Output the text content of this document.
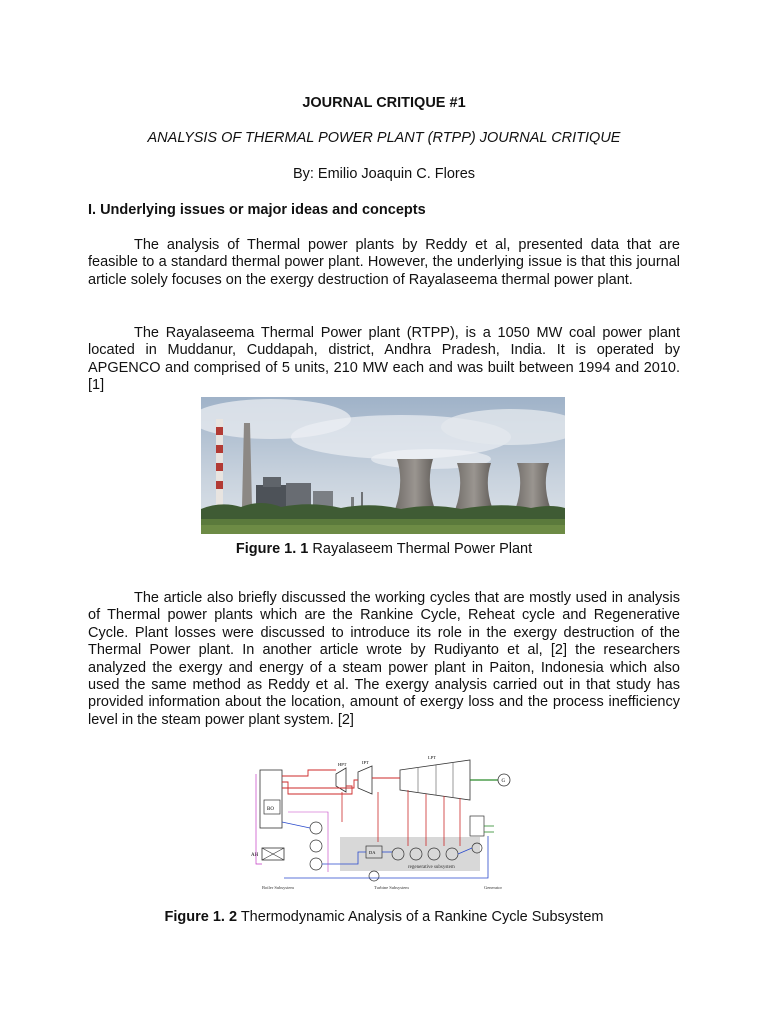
JOURNAL CRITIQUE #1
ANALYSIS OF THERMAL POWER PLANT (RTPP) JOURNAL CRITIQUE
By: Emilio Joaquin C. Flores
I. Underlying issues or major ideas and concepts

The analysis of Thermal power plants by Reddy et al, presented data that are feasible to a standard thermal power plant. However, the underlying issue is that this journal article solely focuses on the exergy destruction of Rayalaseema thermal power plant.

The Rayalaseema Thermal Power plant (RTPP), is a 1050 MW coal power plant located in Muddanur, Cuddapah, district, Andhra Pradesh, India. It is operated by APGENCO and comprised of 5 units, 210 MW each and was built between 1994 and 2010. [1]

Figure 1. 1 Rayalaseem Thermal Power Plant

The article also briefly discussed the working cycles that are mostly used in analysis of Thermal power plants which are the Rankine Cycle, Reheat cycle and Regenerative Cycle. Plant losses were discussed to introduce its role in the exergy destruction of the Thermal Power plant. In another article wrote by Rudiyanto et al, [2] the researchers analyzed the exergy and energy of a steam power plant in Paiton, Indonesia which also used the same method as Reddy et al. The exergy analysis carried out in that study has provided information about the location, amount of exergy loss and the process inefficiency level in the steam power plant system. [2]

regenerative subsystem
BO
AH
HPT	IPT
LPT
G
DA
Boiler Subsystem	Turbine Subsystem	Generator
Figure 1. 2 Thermodynamic Analysis of a Rankine Cycle Subsystem
